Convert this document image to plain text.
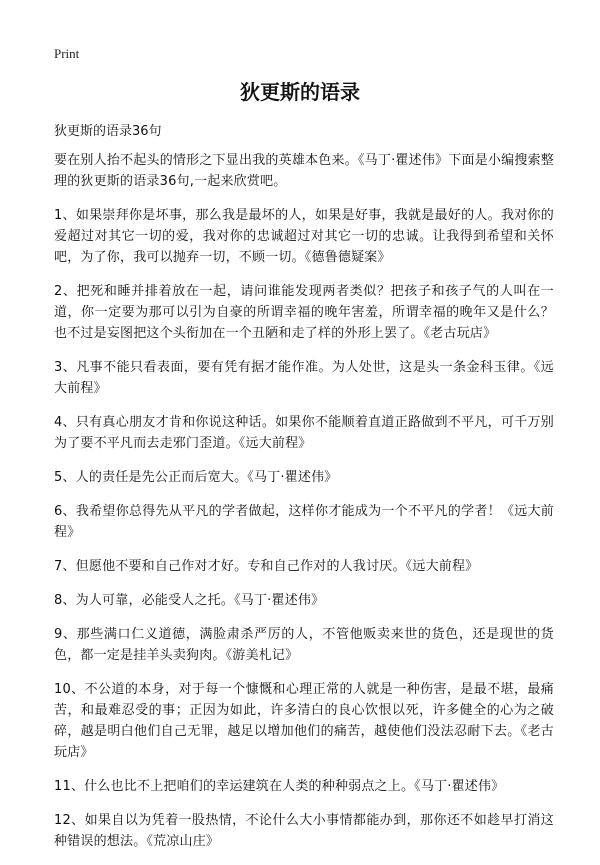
Print
狄更斯的语录

狄更斯的语录36句

要在别人抬不起头的情形之下显出我的英雄本色来。《马丁·瞿述伟》下面是小编搜索整理的狄更斯的语录36句,一起来欣赏吧。

1、如果崇拜你是坏事，那么我是最坏的人，如果是好事，我就是最好的人。我对你的爱超过对其它一切的爱，我对你的忠诚超过对其它一切的忠诚。让我得到希望和关怀吧，为了你，我可以抛弃一切，不顾一切。《德鲁德疑案》

2、把死和睡并排着放在一起，请问谁能发现两者类似？把孩子和孩子气的人叫在一道，你一定要为那可以引为自豪的所谓幸福的晚年害羞，所谓幸福的晚年又是什么？也不过是妄图把这个头衔加在一个丑陋和走了样的外形上罢了。《老古玩店》

3、凡事不能只看表面，要有凭有据才能作准。为人处世，这是头一条金科玉律。《远大前程》

4、只有真心朋友才肯和你说这种话。如果你不能顺着直道正路做到不平凡，可千万别为了要不平凡而去走邪门歪道。《远大前程》

5、人的责任是先公正而后宽大。《马丁·瞿述伟》

6、我希望你总得先从平凡的学者做起，这样你才能成为一个不平凡的学者！《远大前程》

7、但愿他不要和自己作对才好。专和自己作对的人我讨厌。《远大前程》

8、为人可靠，必能受人之托。《马丁·瞿述伟》

9、那些满口仁义道德，满脸肃杀严厉的人，不管他贩卖来世的货色，还是现世的货色，都一定是挂羊头卖狗肉。《游美札记》

10、不公道的本身，对于每一个慷慨和心理正常的人就是一种伤害，是最不堪，最痛苦，和最难忍受的事；正因为如此，许多清白的良心饮恨以死，许多健全的心为之破碎，越是明白他们自己无罪，越足以增加他们的痛苦，越使他们没法忍耐下去。《老古玩店》

11、什么也比不上把咱们的幸运建筑在人类的种种弱点之上。《马丁·瞿述伟》

12、如果自以为凭着一股热情，不论什么大小事情都能办到，那你还不如趁早打消这种错误的想法。《荒凉山庄》
